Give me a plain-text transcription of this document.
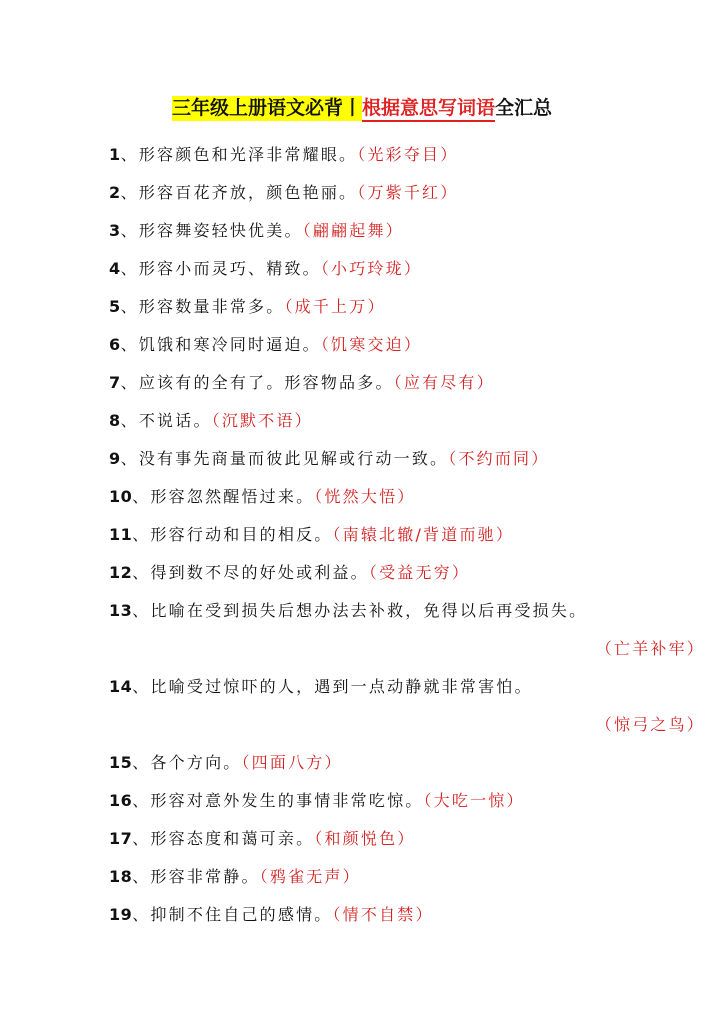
三年级上册语文必背丨根据意思写词语全汇总
1、形容颜色和光泽非常耀眼。（光彩夺目）
2、形容百花齐放，颜色艳丽。（万紫千红）
3、形容舞姿轻快优美。（翩翩起舞）
4、形容小而灵巧、精致。（小巧玲珑）
5、形容数量非常多。（成千上万）
6、饥饿和寒冷同时逼迫。（饥寒交迫）
7、应该有的全有了。形容物品多。（应有尽有）
8、不说话。（沉默不语）
9、没有事先商量而彼此见解或行动一致。（不约而同）
10、形容忽然醒悟过来。（恍然大悟）
11、形容行动和目的相反。（南辕北辙/背道而驰）
12、得到数不尽的好处或利益。（受益无穷）
13、比喻在受到损失后想办法去补救，免得以后再受损失。
（亡羊补牢）
14、比喻受过惊吓的人，遇到一点动静就非常害怕。
（惊弓之鸟）
15、各个方向。（四面八方）
16、形容对意外发生的事情非常吃惊。（大吃一惊）
17、形容态度和蔼可亲。（和颜悦色）
18、形容非常静。（鸦雀无声）
19、抑制不住自己的感情。（情不自禁）
